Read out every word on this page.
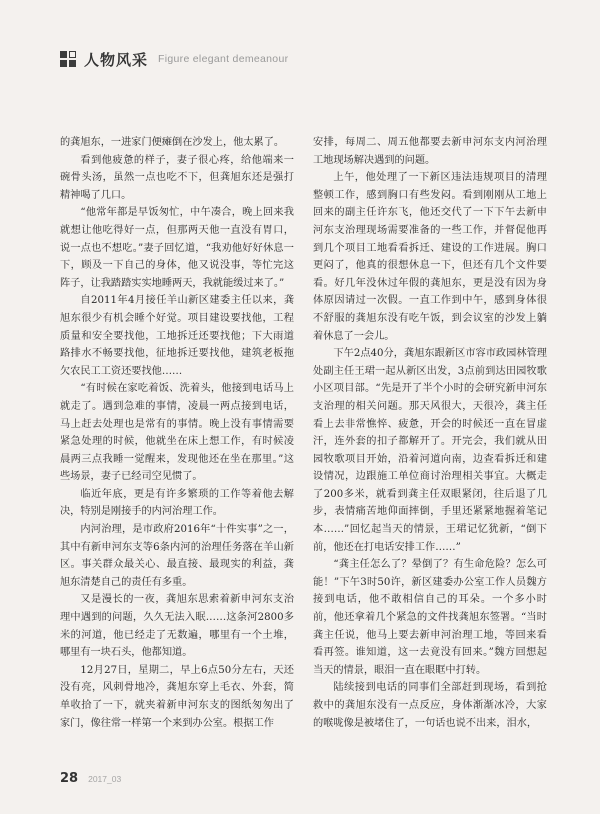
人物风采 Figure elegant demeanour

的龚旭东，一进家门便瘫倒在沙发上，他太累了。

看到他疲惫的样子，妻子很心疼，给他端来一碗骨头汤，虽然一点也吃不下，但龚旭东还是强打精神喝了几口。

“他常年都是早饭匆忙，中午凑合，晚上回来我就想让他吃得好一点，但那两天他一直没有胃口，说一点也不想吃。”妻子回忆道，“我劝他好好休息一下，顾及一下自己的身体，他又说没事，等忙完这阵子，让我踏踏实实地睡两天，我就能缓过来了。”

自2011年4月接任羊山新区建委主任以来，龚旭东很少有机会睡个好觉。项目建设要找他，工程质量和安全要找他，工地拆迁还要找他；下大雨道路排水不畅要找他，征地拆迁要找他，建筑老板拖欠农民工工资还要找他……

“有时候在家吃着饭、洗着头，他接到电话马上就走了。遇到急难的事情，凌晨一两点接到电话，马上赶去处理也是常有的事情。晚上没有事情需要紧急处理的时候，他就坐在床上想工作，有时候凌晨两三点我睡一觉醒来，发现他还在坐在那里。”这些场景，妻子已经司空见惯了。

临近年底，更是有许多繁琐的工作等着他去解决，特别是刚接手的内河治理工作。

内河治理，是市政府2016年“十件实事”之一，其中有新申河东支等6条内河的治理任务落在羊山新区。事关群众最关心、最直接、最现实的利益，龚旭东清楚自己的责任有多重。

又是漫长的一夜，龚旭东思索着新申河东支治理中遇到的问题，久久无法入眠……这条河2800多米的河道，他已经走了无数遍，哪里有一个土堆，哪里有一块石头，他都知道。

12月27日，星期二，早上6点50分左右，天还没有亮，风刺骨地冷，龚旭东穿上毛衣、外套，简单收拾了一下，就夹着新申河东支的图纸匆匆出了家门，像往常一样第一个来到办公室。根据工作

安排，每周二、周五他都要去新申河东支内河治理工地现场解决遇到的问题。

上午，他处理了一下新区违法违规项目的清理整顿工作，感到胸口有些发闷。看到刚刚从工地上回来的副主任许东飞，他还交代了一下下午去新申河东支治理现场需要准备的一些工作，并督促他再到几个项目工地看看拆迁、建设的工作进展。胸口更闷了，他真的很想休息一下，但还有几个文件要看。好几年没休过年假的龚旭东，更是没有因为身体原因请过一次假。一直工作到中午，感到身体很不舒服的龚旭东没有吃午饭，到会议室的沙发上躺着休息了一会儿。

下午2点40分，龚旭东跟新区市容市政园林管理处副主任王珺一起从新区出发，3点前到达田园牧歌小区项目部。“先是开了半个小时的会研究新申河东支治理的相关问题。那天风很大，天很冷，龚主任看上去非常憔悴、疲惫，开会的时候还一直在冒虚汗，连外套的扣子都解开了。开完会，我们就从田园牧歌项目开始，沿着河道向南，边查看拆迁和建设情况，边跟施工单位商讨治理相关事宜。大概走了200多米，就看到龚主任双眼紧闭，往后退了几步，表情痛苦地仰面摔倒，手里还紧紧地握着笔记本……”回忆起当天的情景，王珺记忆犹新，“倒下前，他还在打电话安排工作……”

“龚主任怎么了？晕倒了？有生命危险？怎么可能！”下午3时50许，新区建委办公室工作人员魏方接到电话，他不敢相信自己的耳朵。一个多小时前，他还拿着几个紧急的文件找龚旭东签署。“当时龚主任说，他马上要去新申河治理工地，等回来看看再签。谁知道，这一去竟没有回来。”魏方回想起当天的情景，眼泪一直在眼眶中打转。

陆续接到电话的同事们全部赶到现场，看到抢救中的龚旭东没有一点反应，身体渐渐冰冷，大家的喉咙像是被堵住了，一句话也说不出来，泪水，

28 2017_03
